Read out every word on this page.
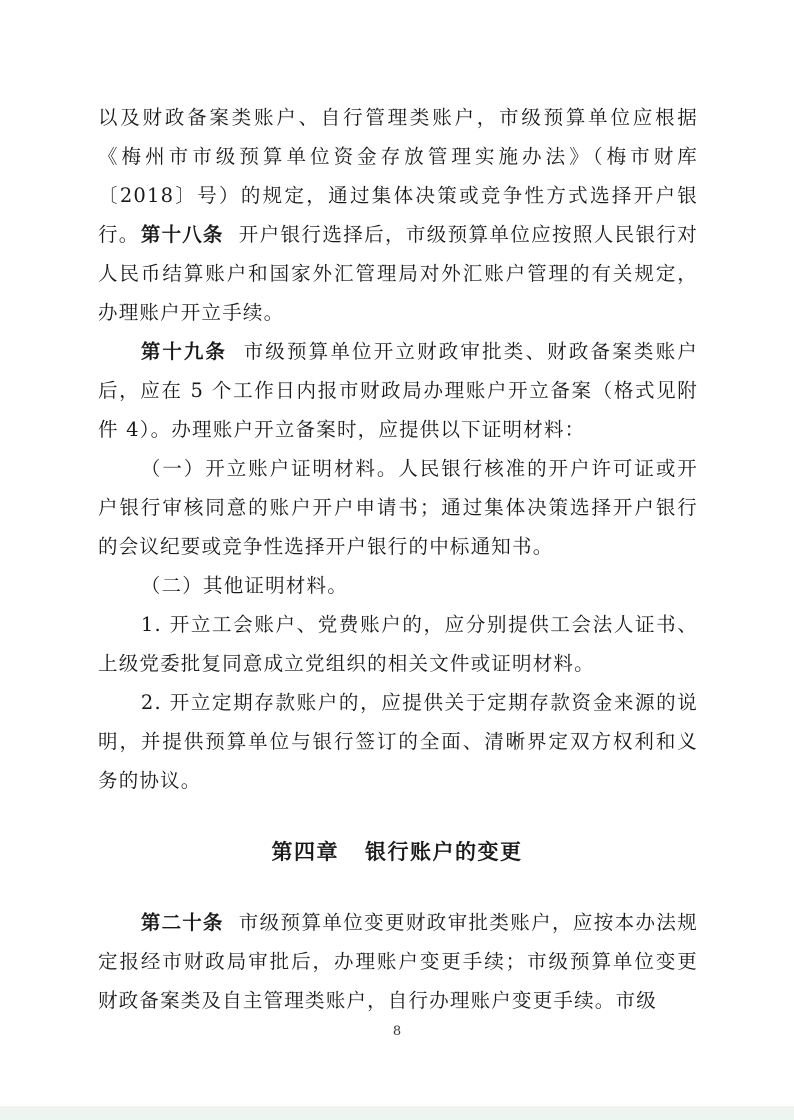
以及财政备案类账户、自行管理类账户，市级预算单位应根据《梅州市市级预算单位资金存放管理实施办法》（梅市财库〔2018〕号）的规定，通过集体决策或竞争性方式选择开户银行。 第十八条 开户银行选择后，市级预算单位应按照人民银行对人民币结算账户和国家外汇管理局对外汇账户管理的有关规定，办理账户开立手续。

第十九条 市级预算单位开立财政审批类、财政备案类账户后，应在 5 个工作日内报市财政局办理账户开立备案（格式见附件 4）。办理账户开立备案时，应提供以下证明材料：

（一）开立账户证明材料。人民银行核准的开户许可证或开户银行审核同意的账户开户申请书；通过集体决策选择开户银行的会议纪要或竞争性选择开户银行的中标通知书。

（二）其他证明材料。

1. 开立工会账户、党费账户的，应分别提供工会法人证书、上级党委批复同意成立党组织的相关文件或证明材料。

2. 开立定期存款账户的，应提供关于定期存款资金来源的说明，并提供预算单位与银行签订的全面、清晰界定双方权利和义务的协议。

第四章 银行账户的变更

第二十条 市级预算单位变更财政审批类账户，应按本办法规定报经市财政局审批后，办理账户变更手续；市级预算单位变更财政备案类及自主管理类账户，自行办理账户变更手续。市级

8
